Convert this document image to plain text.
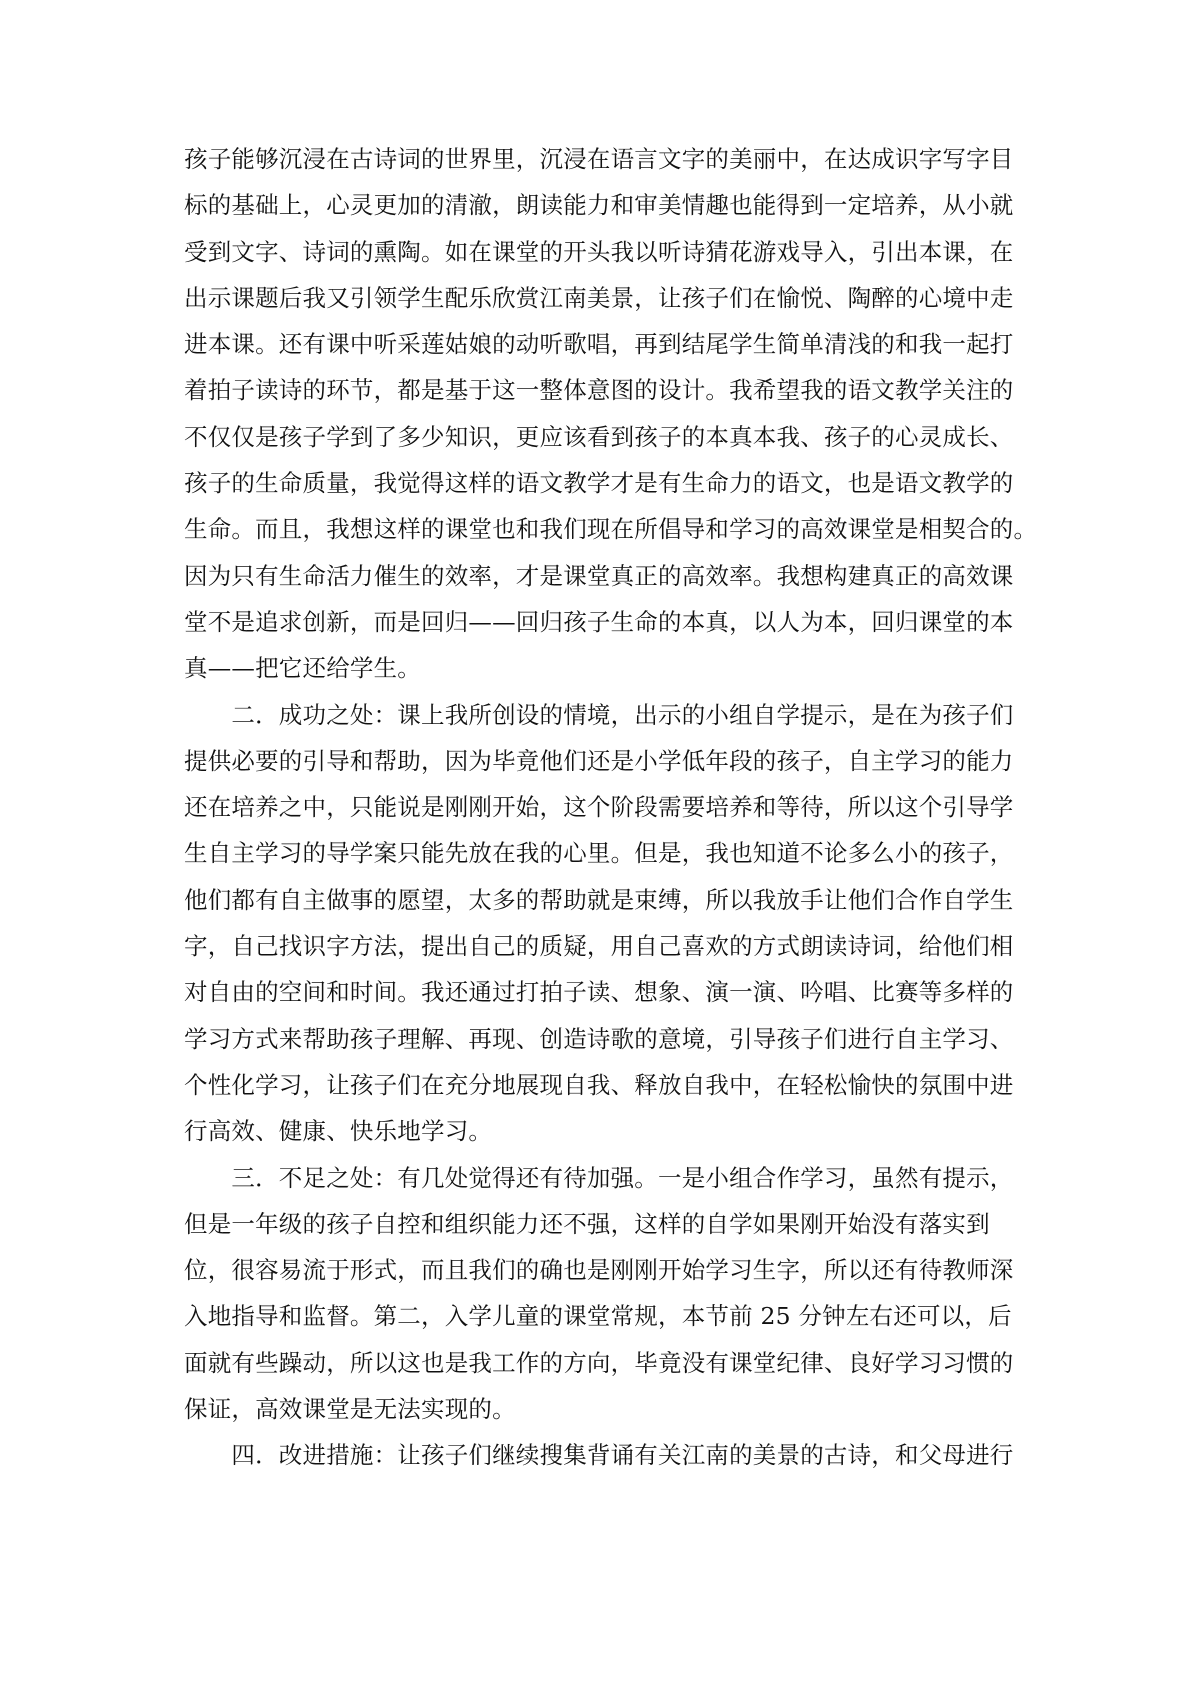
孩子能够沉浸在古诗词的世界里，沉浸在语言文字的美丽中，在达成识字写字目
标的基础上，心灵更加的清澈，朗读能力和审美情趣也能得到一定培养，从小就
受到文字、诗词的熏陶。如在课堂的开头我以听诗猜花游戏导入，引出本课，在
出示课题后我又引领学生配乐欣赏江南美景，让孩子们在愉悦、陶醉的心境中走
进本课。还有课中听采莲姑娘的动听歌唱，再到结尾学生简单清浅的和我一起打
着拍子读诗的环节，都是基于这一整体意图的设计。我希望我的语文教学关注的
不仅仅是孩子学到了多少知识，更应该看到孩子的本真本我、孩子的心灵成长、
孩子的生命质量，我觉得这样的语文教学才是有生命力的语文，也是语文教学的
生命。而且，我想这样的课堂也和我们现在所倡导和学习的高效课堂是相契合的。
因为只有生命活力催生的效率，才是课堂真正的高效率。我想构建真正的高效课
堂不是追求创新，而是回归——回归孩子生命的本真，以人为本，回归课堂的本
真——把它还给学生。
　　二．成功之处：课上我所创设的情境，出示的小组自学提示，是在为孩子们
提供必要的引导和帮助，因为毕竟他们还是小学低年段的孩子，自主学习的能力
还在培养之中，只能说是刚刚开始，这个阶段需要培养和等待，所以这个引导学
生自主学习的导学案只能先放在我的心里。但是，我也知道不论多么小的孩子，
他们都有自主做事的愿望，太多的帮助就是束缚，所以我放手让他们合作自学生
字，自己找识字方法，提出自己的质疑，用自己喜欢的方式朗读诗词，给他们相
对自由的空间和时间。我还通过打拍子读、想象、演一演、吟唱、比赛等多样的
学习方式来帮助孩子理解、再现、创造诗歌的意境，引导孩子们进行自主学习、
个性化学习，让孩子们在充分地展现自我、释放自我中，在轻松愉快的氛围中进
行高效、健康、快乐地学习。
　　三．不足之处：有几处觉得还有待加强。一是小组合作学习，虽然有提示，
但是一年级的孩子自控和组织能力还不强，这样的自学如果刚开始没有落实到
位，很容易流于形式，而且我们的确也是刚刚开始学习生字，所以还有待教师深
入地指导和监督。第二，入学儿童的课堂常规，本节前 25 分钟左右还可以，后
面就有些躁动，所以这也是我工作的方向，毕竟没有课堂纪律、良好学习习惯的
保证，高效课堂是无法实现的。
　　四．改进措施：让孩子们继续搜集背诵有关江南的美景的古诗，和父母进行
